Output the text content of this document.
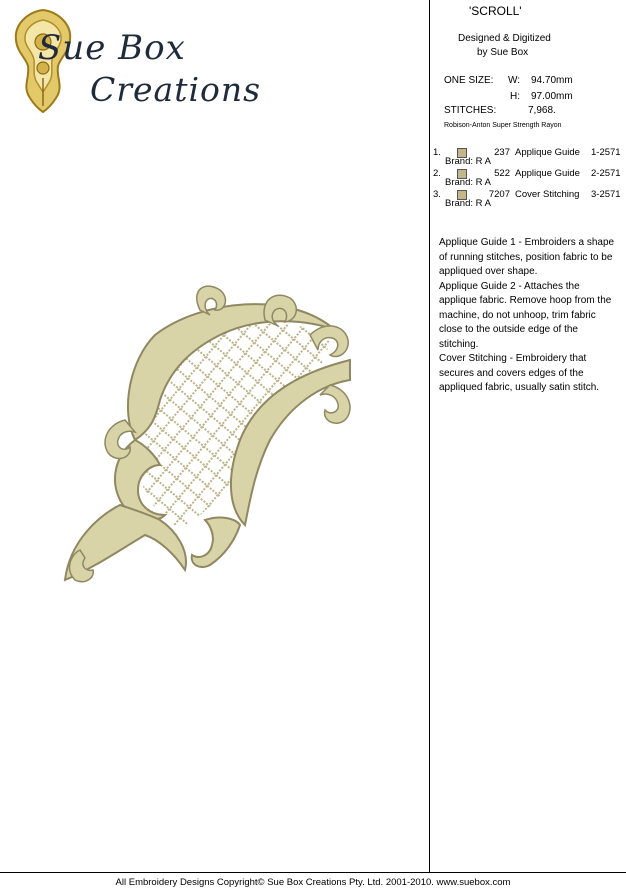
Sue Box
Creations
'SCROLL'
Designed & Digitized
by Sue Box
ONE SIZE: W: 94.70mm
H: 97.00mm
STITCHES:	7,968.
Robison-Anton Super Strength Rayon
1.	237 Applique Guide 1-2571
Brand: R A
2.	522 Applique Guide 2-2571
Brand: R A
3.	7207 Cover Stitching 3-2571
Brand: R A

Applique Guide 1 - Embroiders a shape of running stitches, position fabric to be appliqued over shape.

Applique Guide 2 - Attaches the applique fabric. Remove hoop from the machine, do not unhoop, trim fabric close to the outside edge of the stitching.

Cover Stitching - Embroidery that secures and covers edges of the appliqued fabric, usually satin stitch.

All Embroidery Designs Copyright© Sue Box Creations Pty. Ltd. 2001-2010. www.suebox.com
